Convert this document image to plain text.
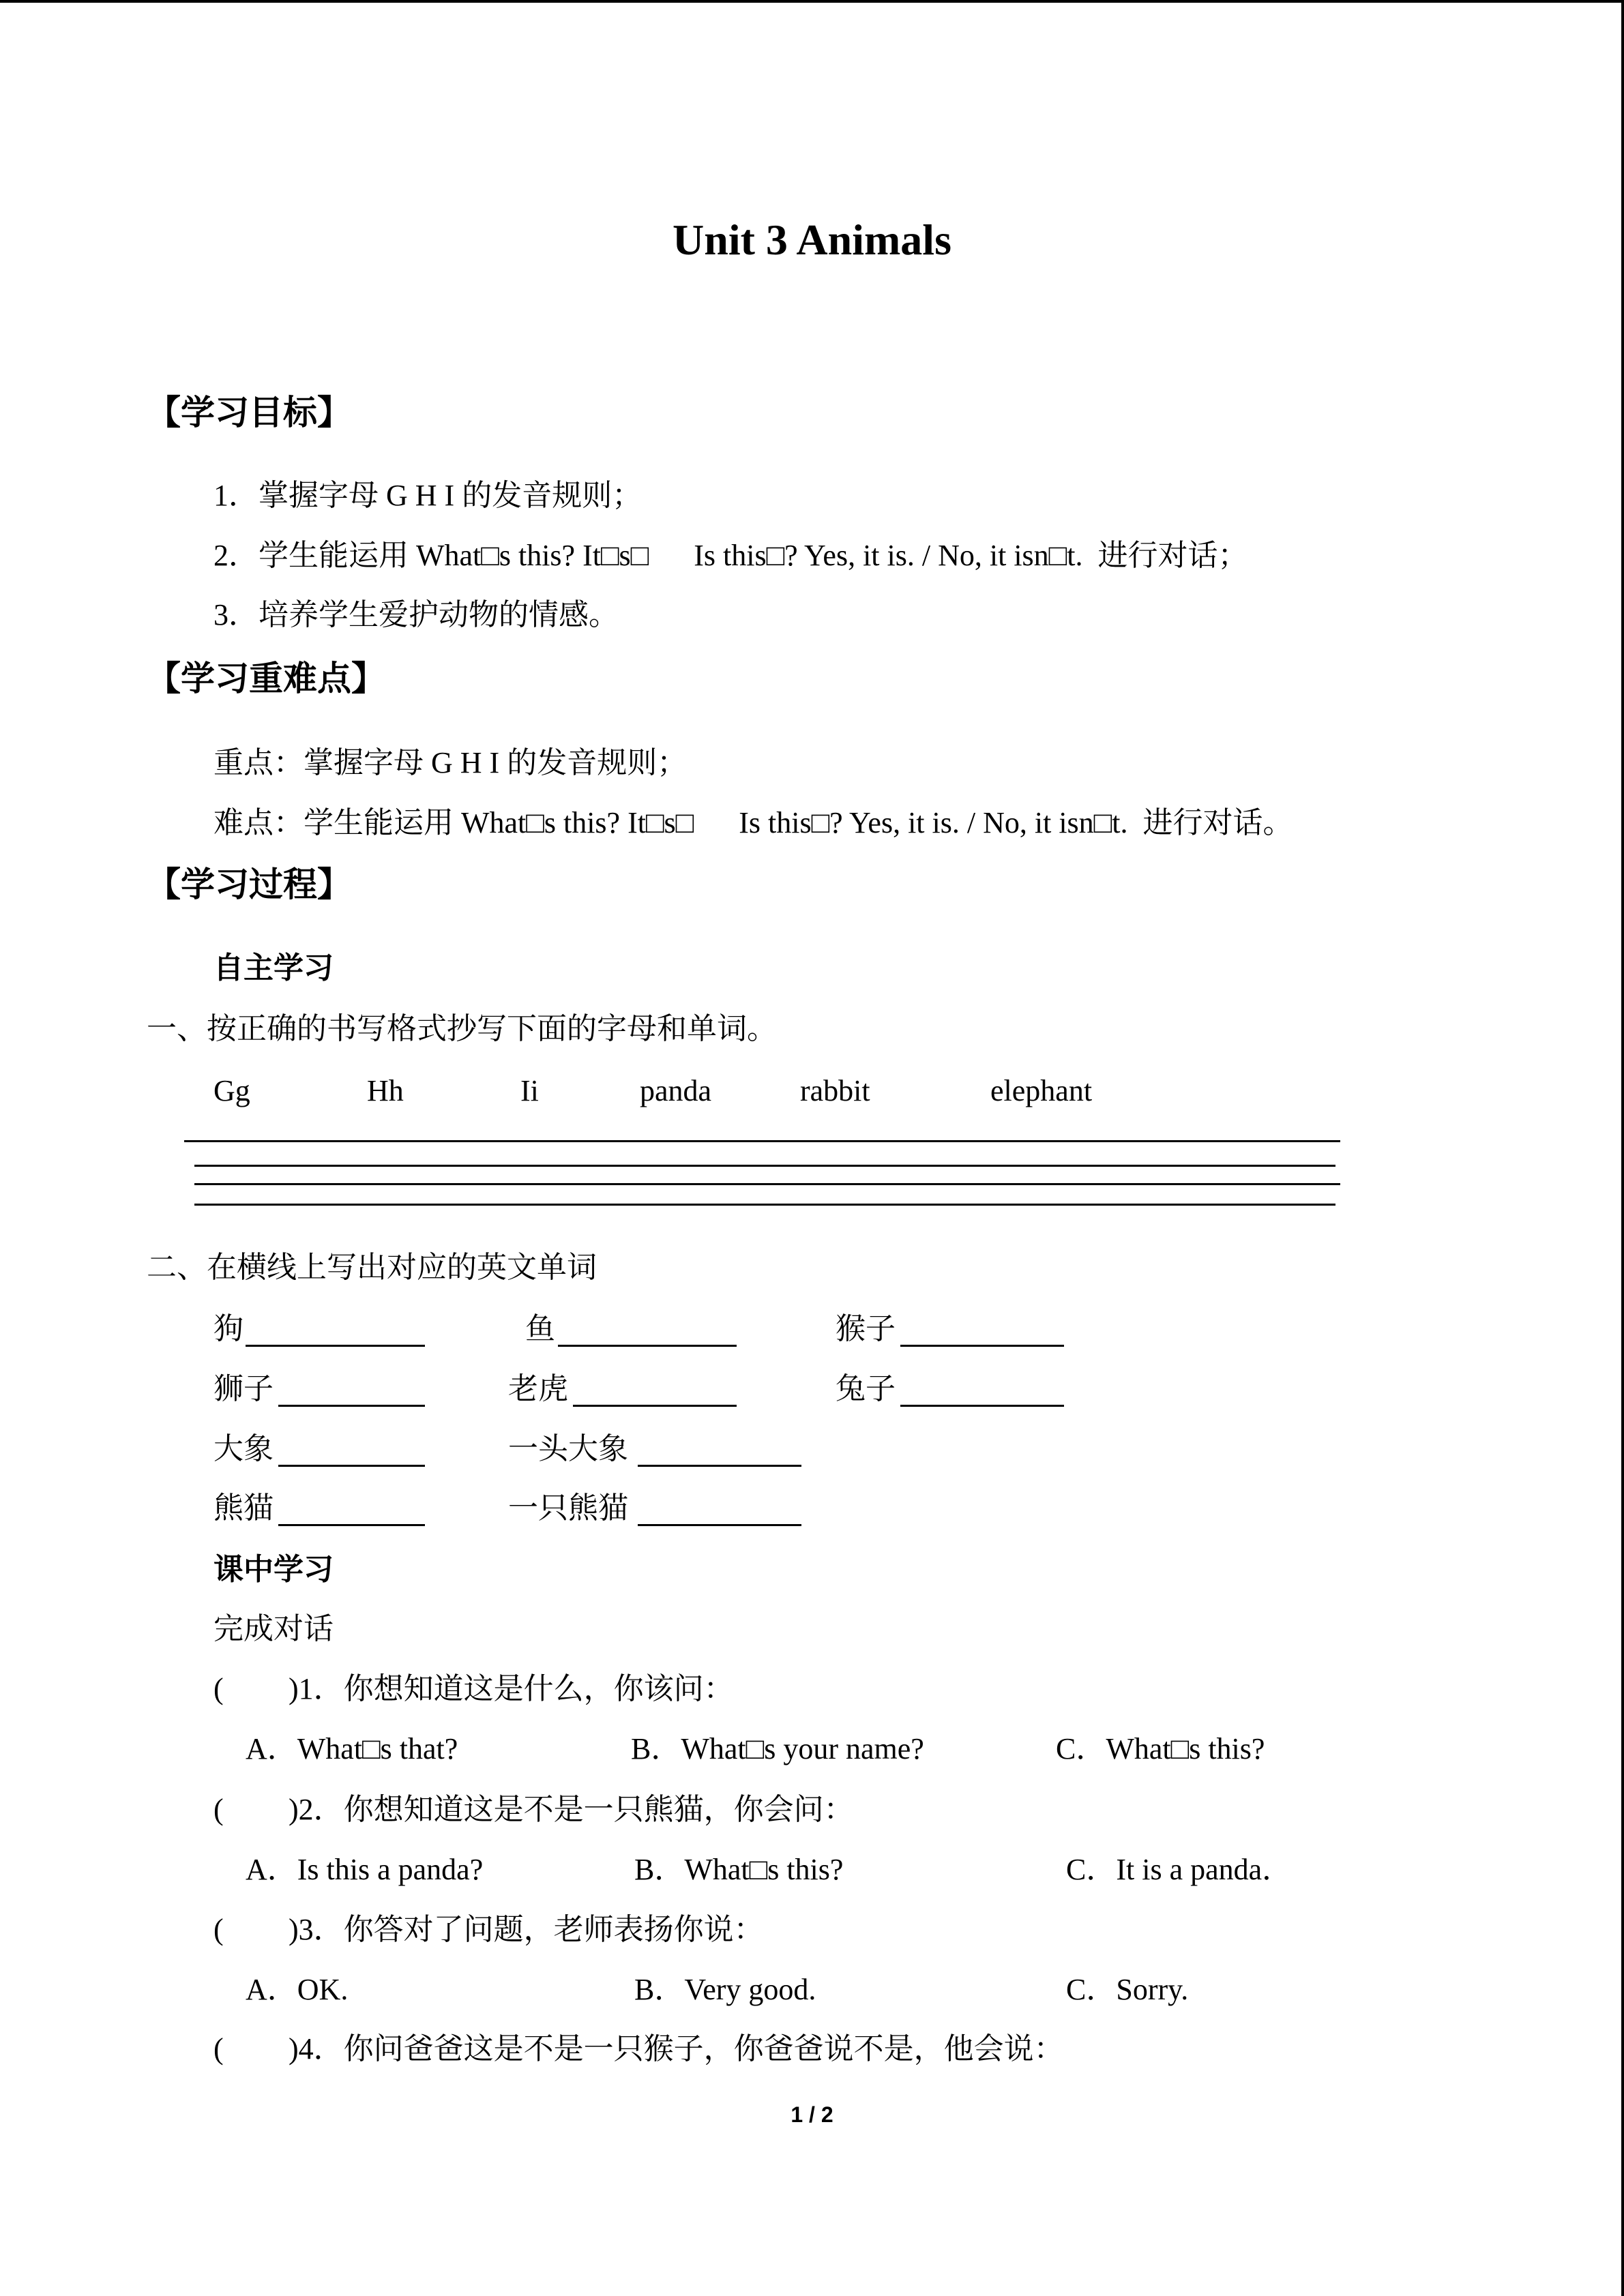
Unit 3 Animals
【学习目标】
1．掌握字母 G H I 的发音规则；
2．学生能运用 What□s this? It□s□      Is this□? Yes, it is. / No, it isn□t.  进行对话；
3．培养学生爱护动物的情感。
【学习重难点】
重点：掌握字母 G H I 的发音规则；
难点：学生能运用 What□s this? It□s□      Is this□? Yes, it is. / No, it isn□t.  进行对话。
【学习过程】
自主学习
一、按正确的书写格式抄写下面的字母和单词。
Gg	Hh	Ii	panda	rabbit	elephant
二、在横线上写出对应的英文单词
狗	鱼	猴子
狮子	老虎	兔子
大象	一头大象
熊猫	一只熊猫
课中学习
完成对话
( )1．你想知道这是什么，你该问：
A．What□s that?	B．What□s your name?	C．What□s this?
( )2．你想知道这是不是一只熊猫，你会问：
A．Is this a panda?	B．What□s this?	C．It is a panda．
( )3．你答对了问题，老师表扬你说：
A．OK.	B．Very good.	C．Sorry.
( )4．你问爸爸这是不是一只猴子，你爸爸说不是，他会说：
1 / 2
